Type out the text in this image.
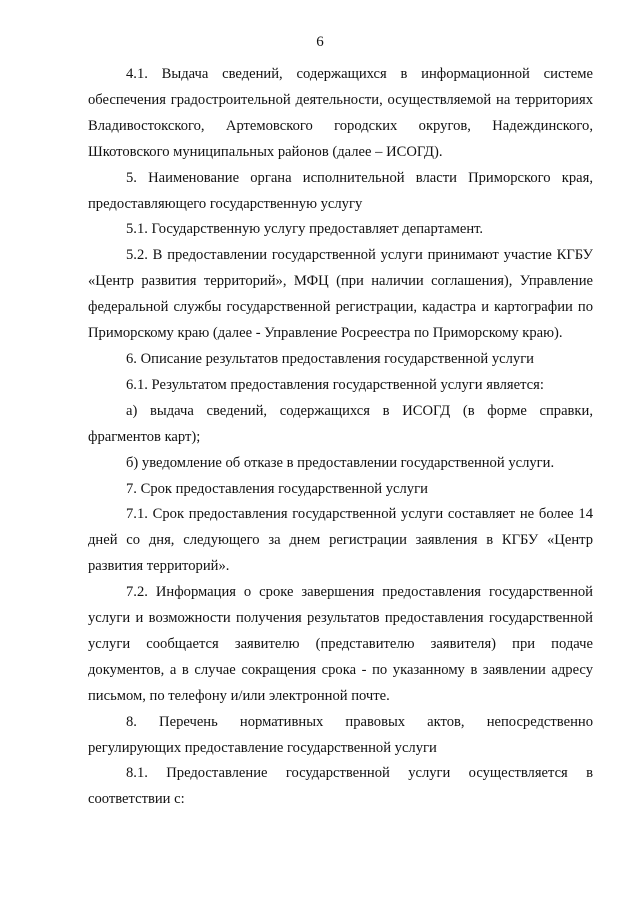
6

4.1. Выдача сведений, содержащихся в информационной системе обеспечения градостроительной деятельности, осуществляемой на территориях Владивостокского, Артемовского городских округов, Надеждинского, Шкотовского муниципальных районов (далее – ИСОГД).

5. Наименование органа исполнительной власти Приморского края, предоставляющего государственную услугу

5.1. Государственную услугу предоставляет департамент.

5.2. В предоставлении государственной услуги принимают участие КГБУ «Центр развития территорий», МФЦ (при наличии соглашения), Управление федеральной службы государственной регистрации, кадастра и картографии по Приморскому краю (далее - Управление Росреестра по Приморскому краю).

6. Описание результатов предоставления государственной услуги

6.1. Результатом предоставления государственной услуги является:

а) выдача сведений, содержащихся в ИСОГД (в форме справки, фрагментов карт);

б) уведомление об отказе в предоставлении государственной услуги.

7. Срок предоставления государственной услуги

7.1. Срок предоставления государственной услуги составляет не более 14 дней со дня, следующего за днем регистрации заявления в КГБУ «Центр развития территорий».

7.2. Информация о сроке завершения предоставления государственной услуги и возможности получения результатов предоставления государственной услуги сообщается заявителю (представителю заявителя) при подаче документов, а в случае сокращения срока - по указанному в заявлении адресу письмом, по телефону и/или электронной почте.

8. Перечень нормативных правовых актов, непосредственно регулирующих предоставление государственной услуги

8.1. Предоставление государственной услуги осуществляется в соответствии с:
